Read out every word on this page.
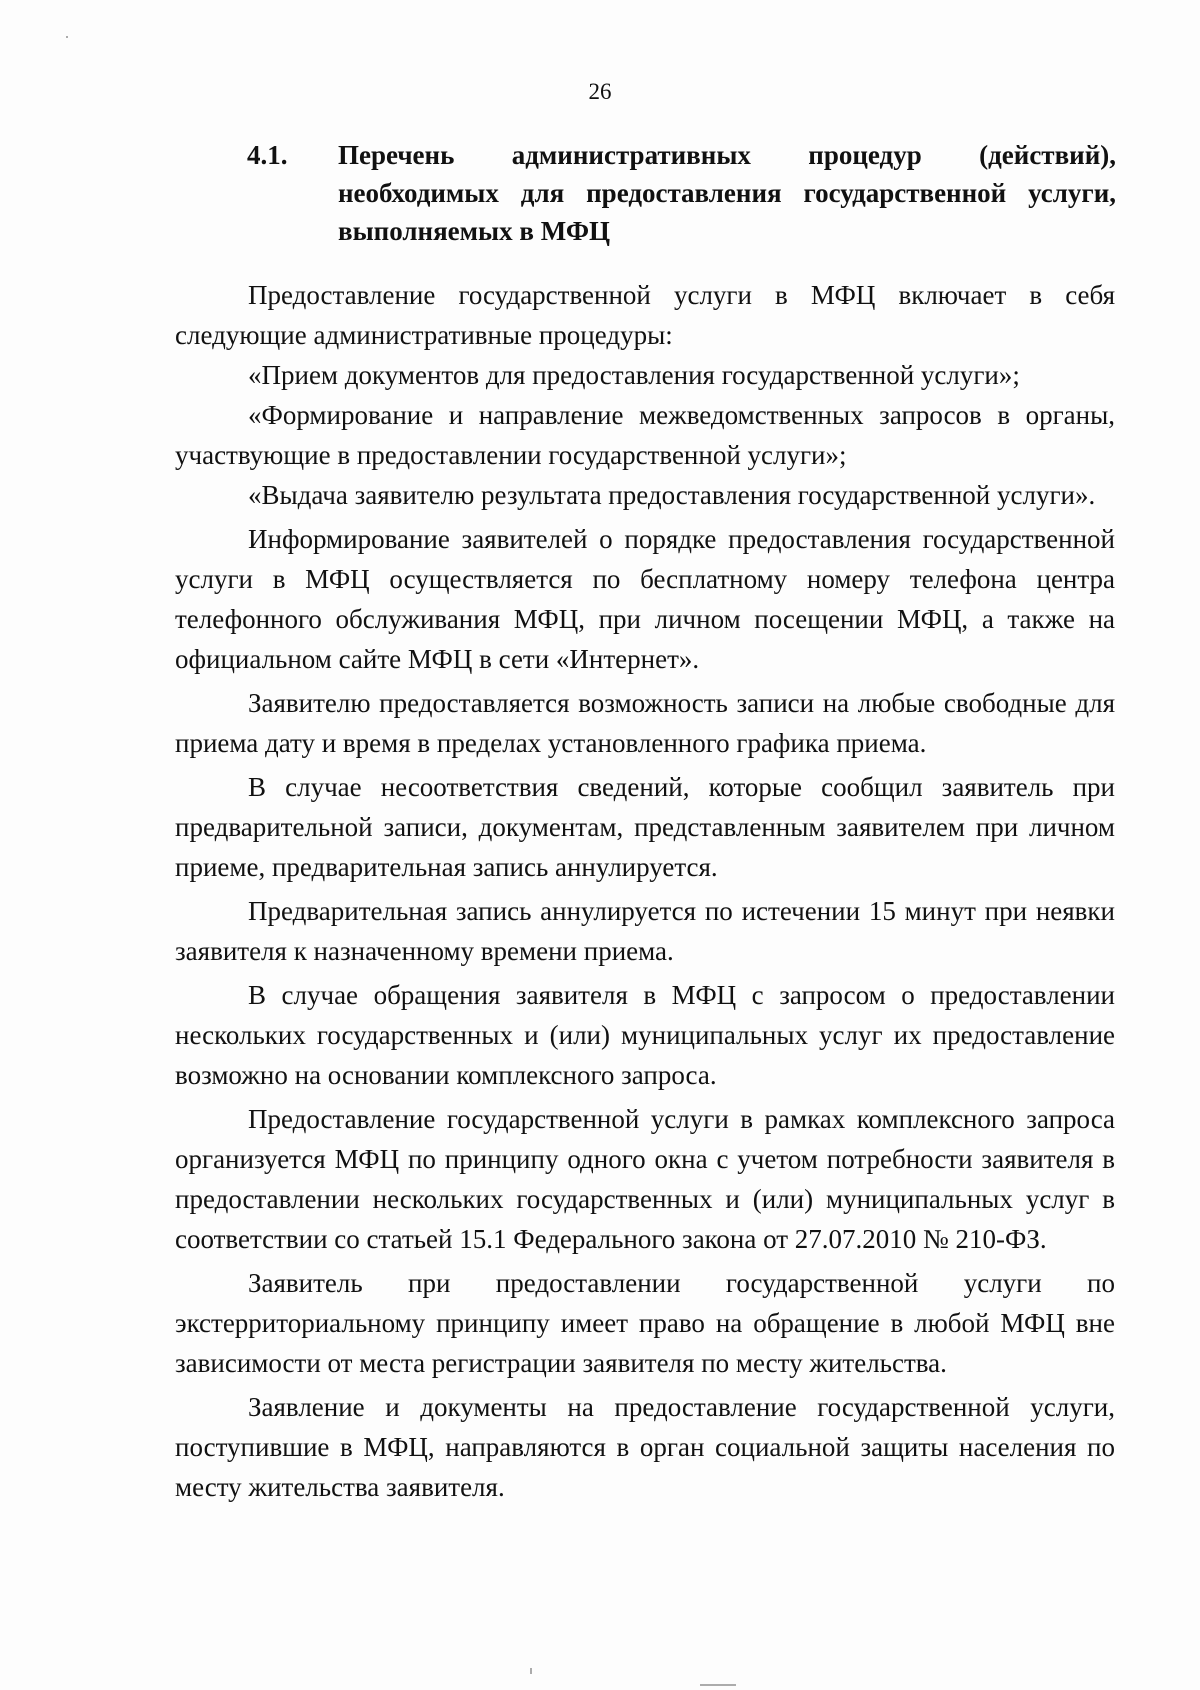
26
4.1.	Перечень административных процедур (действий), необходимых для предоставления государственной услуги, выполняемых в МФЦ

Предоставление государственной услуги в МФЦ включает в себя следующие административные процедуры:

«Прием документов для предоставления государственной услуги»;

«Формирование и направление межведомственных запросов в органы, участвующие в предоставлении государственной услуги»;

«Выдача заявителю результата предоставления государственной услуги».

Информирование заявителей о порядке предоставления государственной услуги в МФЦ осуществляется по бесплатному номеру телефона центра телефонного обслуживания МФЦ, при личном посещении МФЦ, а также на официальном сайте МФЦ в сети «Интернет».

Заявителю предоставляется возможность записи на любые свободные для приема дату и время в пределах установленного графика приема.

В случае несоответствия сведений, которые сообщил заявитель при предварительной записи, документам, представленным заявителем при личном приеме, предварительная запись аннулируется.

Предварительная запись аннулируется по истечении 15 минут при неявки заявителя к назначенному времени приема.

В случае обращения заявителя в МФЦ с запросом о предоставлении нескольких государственных и (или) муниципальных услуг их предоставление возможно на основании комплексного запроса.

Предоставление государственной услуги в рамках комплексного запроса организуется МФЦ по принципу одного окна с учетом потребности заявителя в предоставлении нескольких государственных и (или) муниципальных услуг в соответствии со статьей 15.1 Федерального закона от 27.07.2010 № 210-ФЗ.

Заявитель при предоставлении государственной услуги по экстерриториальному принципу имеет право на обращение в любой МФЦ вне зависимости от места регистрации заявителя по месту жительства.

Заявление и документы на предоставление государственной услуги, поступившие в МФЦ, направляются в орган социальной защиты населения по месту жительства заявителя.
